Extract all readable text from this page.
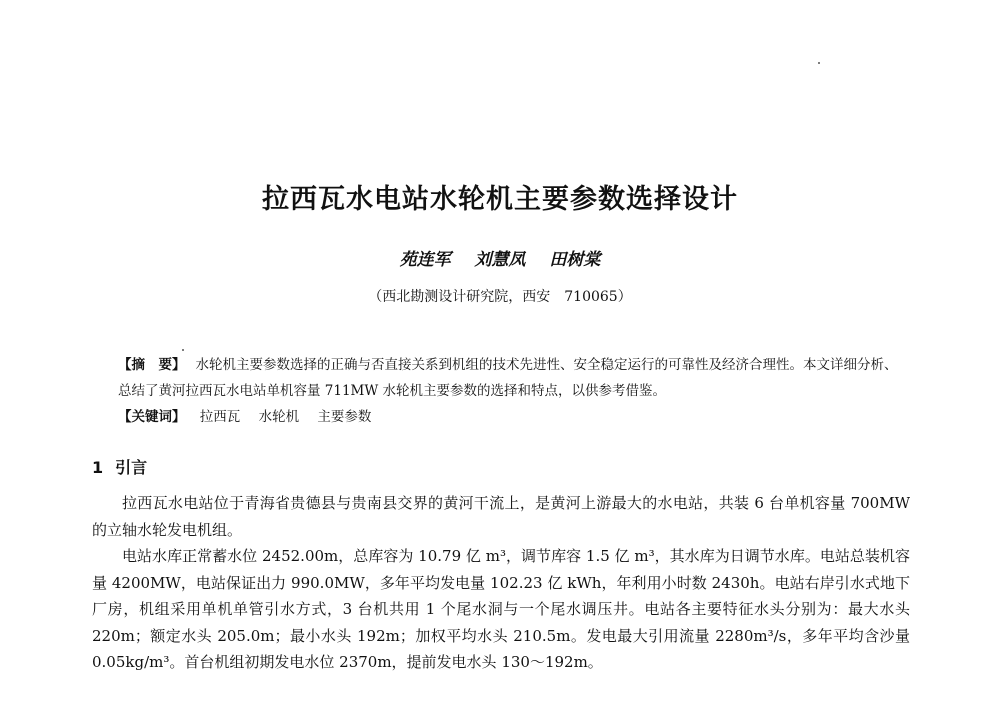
拉西瓦水电站水轮机主要参数选择设计
苑连军 刘慧凤 田树棠
（西北勘测设计研究院，西安　710065）
【摘　要】 水轮机主要参数选择的正确与否直接关系到机组的技术先进性、安全稳定运行的可靠性及经济合理性。本文详细分析、总结了黄河拉西瓦水电站单机容量 711MW 水轮机主要参数的选择和特点，以供参考借鉴。
【关键词】 拉西瓦 水轮机 主要参数
1 引言

拉西瓦水电站位于青海省贵德县与贵南县交界的黄河干流上，是黄河上游最大的水电站，共装 6 台单机容量 700MW 的立轴水轮发电机组。

电站水库正常蓄水位 2452.00m，总库容为 10.79 亿 m³，调节库容 1.5 亿 m³，其水库为日调节水库。电站总装机容量 4200MW，电站保证出力 990.0MW，多年平均发电量 102.23 亿 kWh，年利用小时数 2430h。电站右岸引水式地下厂房，机组采用单机单管引水方式，3 台机共用 1 个尾水洞与一个尾水调压井。电站各主要特征水头分别为：最大水头 220m；额定水头 205.0m；最小水头 192m；加权平均水头 210.5m。发电最大引用流量 2280m³/s，多年平均含沙量 0.05kg/m³。首台机组初期发电水位 2370m，提前发电水头 130～192m。
